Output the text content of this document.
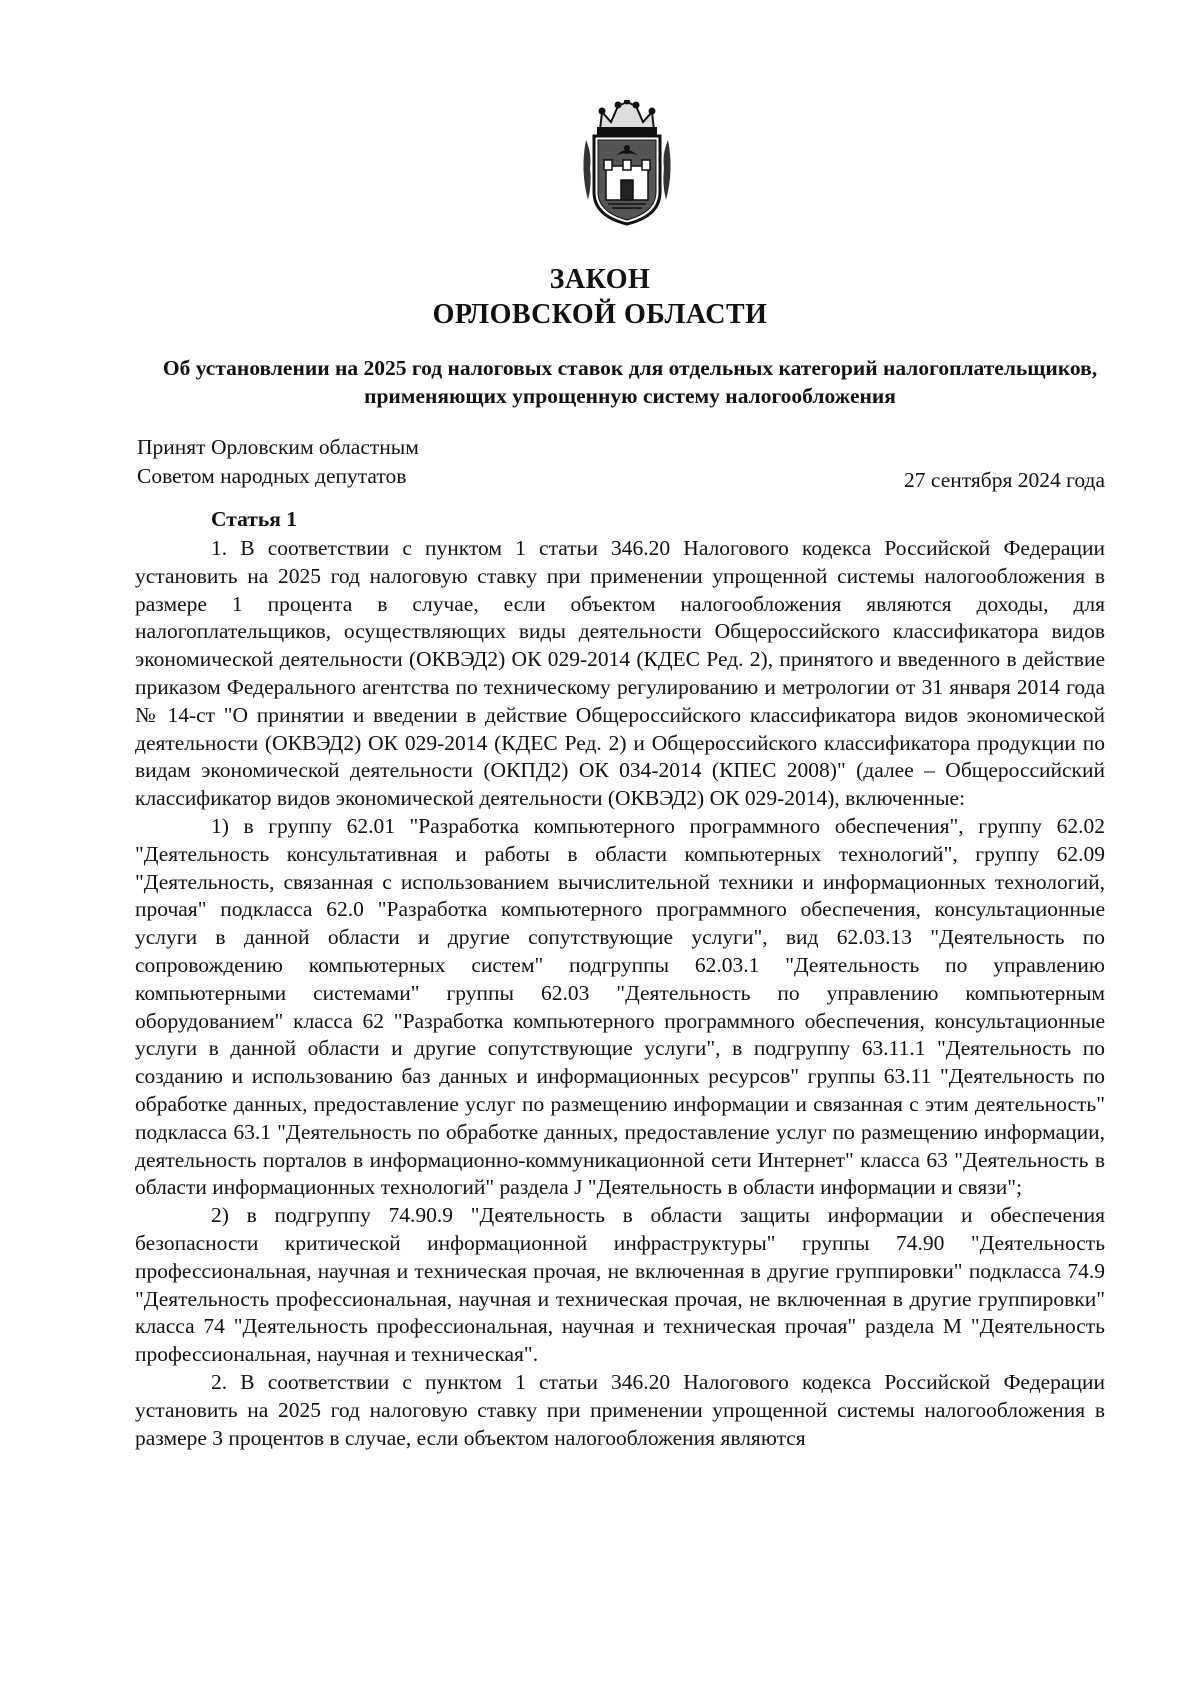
ЗАКОН
ОРЛОВСКОЙ ОБЛАСТИ
Об установлении на 2025 год налоговых ставок для отдельных категорий налогоплательщиков, применяющих упрощенную систему налогообложения
Принят Орловским областным
Советом народных депутатов	27 сентября 2024 года
Статья 1

1. В соответствии с пунктом 1 статьи 346.20 Налогового кодекса Российской Федерации установить на 2025 год налоговую ставку при применении упрощенной системы налогообложения в размере 1 процента в случае, если объектом налогообложения являются доходы, для налогоплательщиков, осуществляющих виды деятельности Общероссийского классификатора видов экономической деятельности (ОКВЭД2) ОК 029-2014 (КДЕС Ред. 2), принятого и введенного в действие приказом Федерального агентства по техническому регулированию и метрологии от 31 января 2014 года № 14-ст "О принятии и введении в действие Общероссийского классификатора видов экономической деятельности (ОКВЭД2) ОК 029-2014 (КДЕС Ред. 2) и Общероссийского классификатора продукции по видам экономической деятельности (ОКПД2) ОК 034-2014 (КПЕС 2008)" (далее – Общероссийский классификатор видов экономической деятельности (ОКВЭД2) ОК 029-2014), включенные:

1) в группу 62.01 "Разработка компьютерного программного обеспечения", группу 62.02 "Деятельность консультативная и работы в области компьютерных технологий", группу 62.09 "Деятельность, связанная с использованием вычислительной техники и информационных технологий, прочая" подкласса 62.0 "Разработка компьютерного программного обеспечения, консультационные услуги в данной области и другие сопутствующие услуги", вид 62.03.13 "Деятельность по сопровождению компьютерных систем" подгруппы 62.03.1 "Деятельность по управлению компьютерными системами" группы 62.03 "Деятельность по управлению компьютерным оборудованием" класса 62 "Разработка компьютерного программного обеспечения, консультационные услуги в данной области и другие сопутствующие услуги", в подгруппу 63.11.1 "Деятельность по созданию и использованию баз данных и информационных ресурсов" группы 63.11 "Деятельность по обработке данных, предоставление услуг по размещению информации и связанная с этим деятельность" подкласса 63.1 "Деятельность по обработке данных, предоставление услуг по размещению информации, деятельность порталов в информационно-коммуникационной сети Интернет" класса 63 "Деятельность в области информационных технологий" раздела J "Деятельность в области информации и связи";

2) в подгруппу 74.90.9 "Деятельность в области защиты информации и обеспечения безопасности критической информационной инфраструктуры" группы 74.90 "Деятельность профессиональная, научная и техническая прочая, не включенная в другие группировки" подкласса 74.9 "Деятельность профессиональная, научная и техническая прочая, не включенная в другие группировки" класса 74 "Деятельность профессиональная, научная и техническая прочая" раздела M "Деятельность профессиональная, научная и техническая".

2. В соответствии с пунктом 1 статьи 346.20 Налогового кодекса Российской Федерации установить на 2025 год налоговую ставку при применении упрощенной системы налогообложения в размере 3 процентов в случае, если объектом налогообложения являются
